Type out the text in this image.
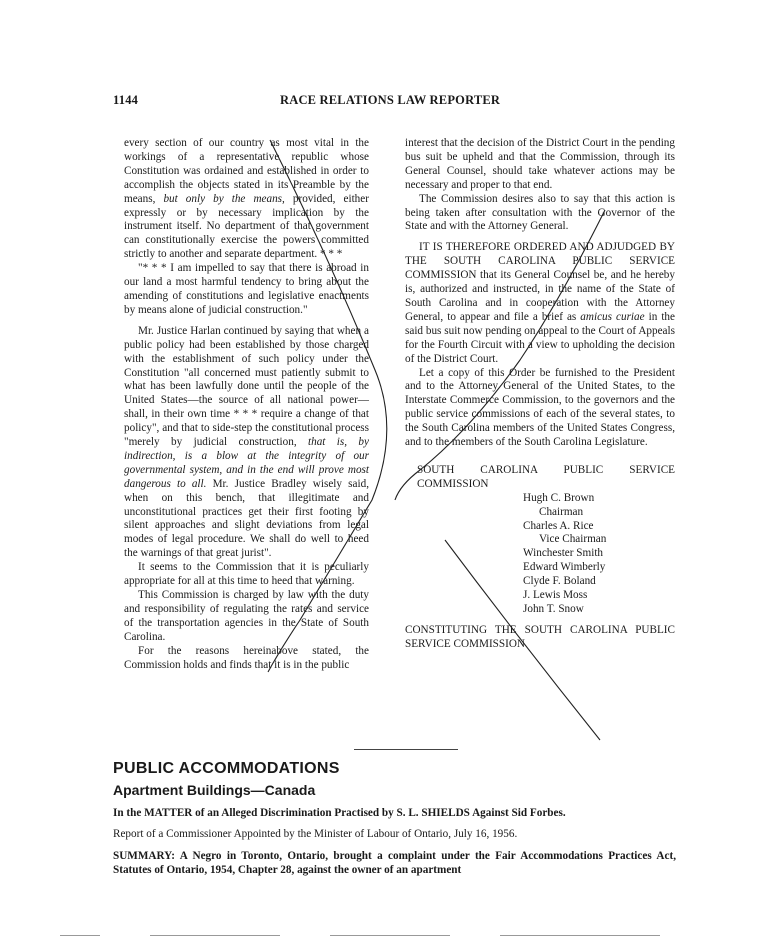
1144	RACE RELATIONS LAW REPORTER

every section of our country as most vital in the workings of a representative republic whose Constitution was ordained and established in order to accomplish the objects stated in its Preamble by the means, but only by the means, provided, either expressly or by necessary implication by the instrument itself. No department of that government can constitutionally exercise the powers committed strictly to another and separate department. * * *

"* * * I am impelled to say that there is abroad in our land a most harmful tendency to bring about the amending of constitutions and legislative enactments by means alone of judicial construction."

Mr. Justice Harlan continued by saying that when a public policy had been established by those charged with the establishment of such policy under the Constitution "all concerned must patiently submit to what has been lawfully done until the people of the United States—the source of all national power—shall, in their own time * * * require a change of that policy", and that to side-step the constitutional process "merely by judicial construction, that is, by indirection, is a blow at the integrity of our governmental system, and in the end will prove most dangerous to all. Mr. Justice Bradley wisely said, when on this bench, that illegitimate and unconstitutional practices get their first footing by silent approaches and slight deviations from legal modes of legal procedure. We shall do well to heed the warnings of that great jurist".

It seems to the Commission that it is peculiarly appropriate for all at this time to heed that warning.

This Commission is charged by law with the duty and responsibility of regulating the rates and service of the transportation agencies in the State of South Carolina.

For the reasons hereinabove stated, the Commission holds and finds that it is in the public

interest that the decision of the District Court in the pending bus suit be upheld and that the Commission, through its General Counsel, should take whatever actions may be necessary and proper to that end.

The Commission desires also to say that this action is being taken after consultation with the Governor of the State and with the Attorney General.

IT IS THEREFORE ORDERED AND ADJUDGED BY THE SOUTH CAROLINA PUBLIC SERVICE COMMISSION that its General Counsel be, and he hereby is, authorized and instructed, in the name of the State of South Carolina and in cooperation with the Attorney General, to appear and file a brief as amicus curiae in the said bus suit now pending on appeal to the Court of Appeals for the Fourth Circuit with a view to upholding the decision of the District Court.

Let a copy of this Order be furnished to the President and to the Attorney General of the United States, to the Interstate Commerce Commission, to the governors and the public service commissions of each of the several states, to the South Carolina members of the United States Congress, and to the members of the South Carolina Legislature.

SOUTH CAROLINA PUBLIC SERVICE COMMISSION
Hugh C. Brown
Chairman
Charles A. Rice
Vice Chairman
Winchester Smith
Edward Wimberly
Clyde F. Boland
J. Lewis Moss
John T. Snow
CONSTITUTING THE SOUTH CAROLINA PUBLIC SERVICE COMMISSION
PUBLIC ACCOMMODATIONS
Apartment Buildings—Canada
In the MATTER of an Alleged Discrimination Practised by S. L. SHIELDS Against Sid Forbes.
Report of a Commissioner Appointed by the Minister of Labour of Ontario, July 16, 1956.
SUMMARY: A Negro in Toronto, Ontario, brought a complaint under the Fair Accommodations Practices Act, Statutes of Ontario, 1954, Chapter 28, against the owner of an apartment
